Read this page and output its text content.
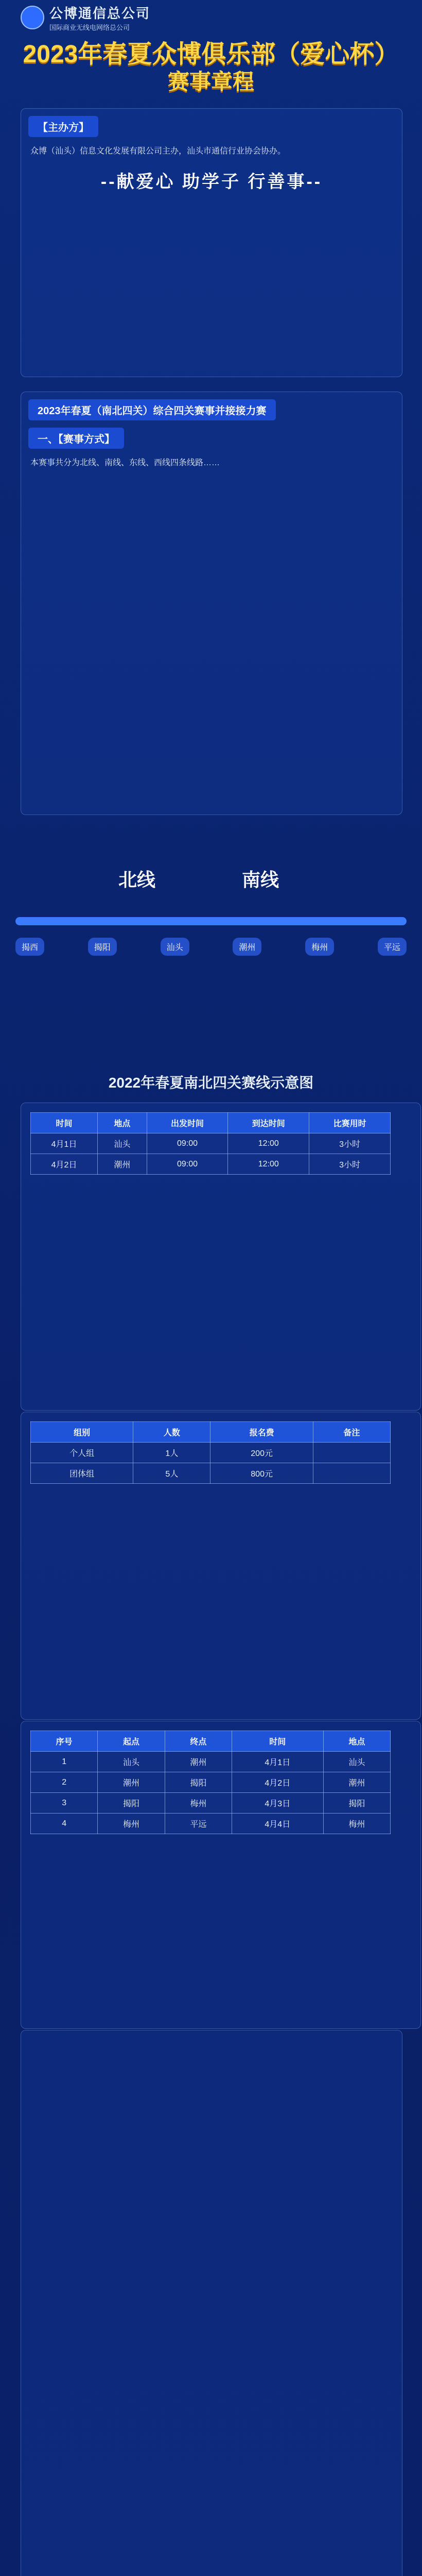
公博通信总公司
国际商业无线电网络总公司
2023年春夏众博俱乐部（爱心杯）
赛事章程
【主办方】
众博（汕头）信息文化发展有限公司主办，汕头市通信行业协会协办。
--献爱心 助学子 行善事--
2023年春夏（南北四关）综合四关赛事并接接力赛
一、【赛事方式】
本赛事共分为北线、南线、东线、西线四条线路……
北线	南线
揭西	揭阳	汕头	潮州	梅州	平远
2022年春夏南北四关赛线示意图
时间	地点	出发时间	到达时间	比赛用时
4月1日	汕头	09:00	12:00	3小时
4月2日	潮州	09:00	12:00	3小时
组别	人数	报名费	备注
个人组	1人	200元	
团体组	5人	800元	
序号	起点	终点	时间	地点
1	汕头	潮州	4月1日	汕头
2	潮州	揭阳	4月2日	潮州
3	揭阳	梅州	4月3日	揭阳
4	梅州	平远	4月4日	梅州
